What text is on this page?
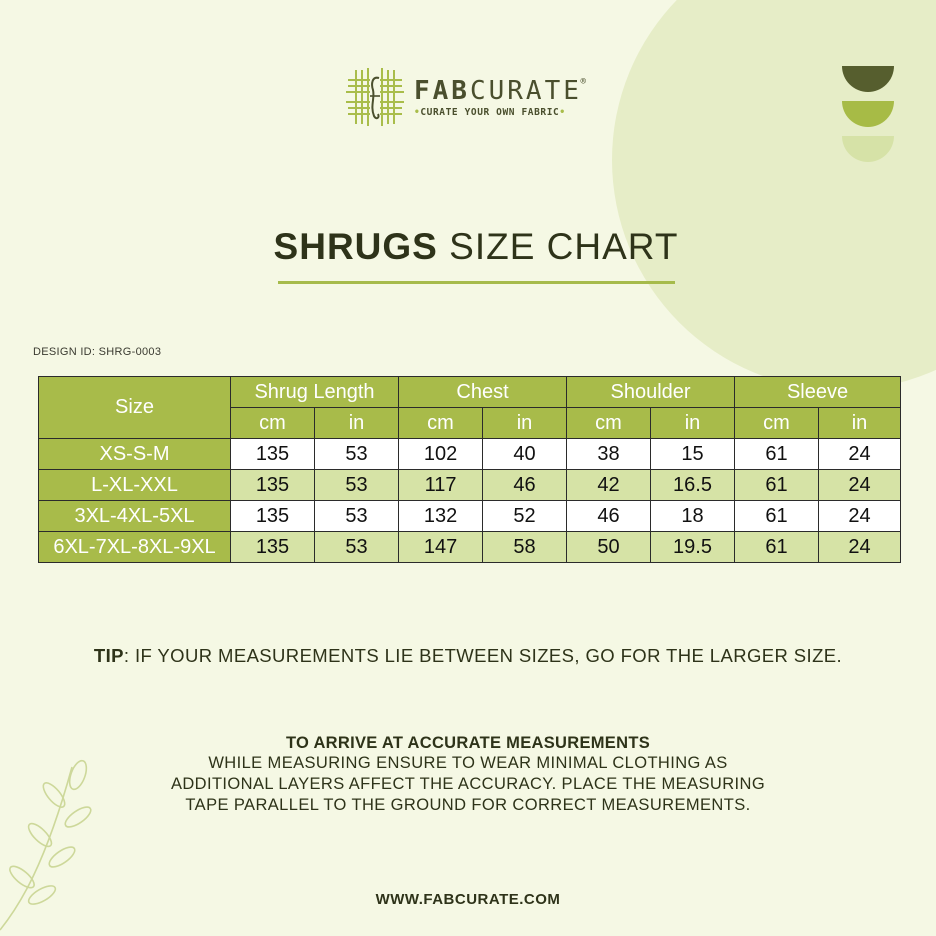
FABCURATE
®
•CURATE YOUR OWN FABRIC•
SHRUGS SIZE CHART
DESIGN ID: SHRG-0003
Size	Shrug Length		Chest		Shoulder		Sleeve	
	cm	in	cm	in	cm	in	cm	in
XS-S-M	135	53	102	40	38	15	61	24
L-XL-XXL	135	53	117	46	42	16.5	61	24
3XL-4XL-5XL	135	53	132	52	46	18	61	24
6XL-7XL-8XL-9XL	135	53	147	58	50	19.5	61	24
TIP: IF YOUR MEASUREMENTS LIE BETWEEN SIZES, GO FOR THE LARGER SIZE.
TO ARRIVE AT ACCURATE MEASUREMENTS
WHILE MEASURING ENSURE TO WEAR MINIMAL CLOTHING AS
ADDITIONAL LAYERS AFFECT THE ACCURACY. PLACE THE MEASURING
TAPE PARALLEL TO THE GROUND FOR CORRECT MEASUREMENTS.
WWW.FABCURATE.COM
